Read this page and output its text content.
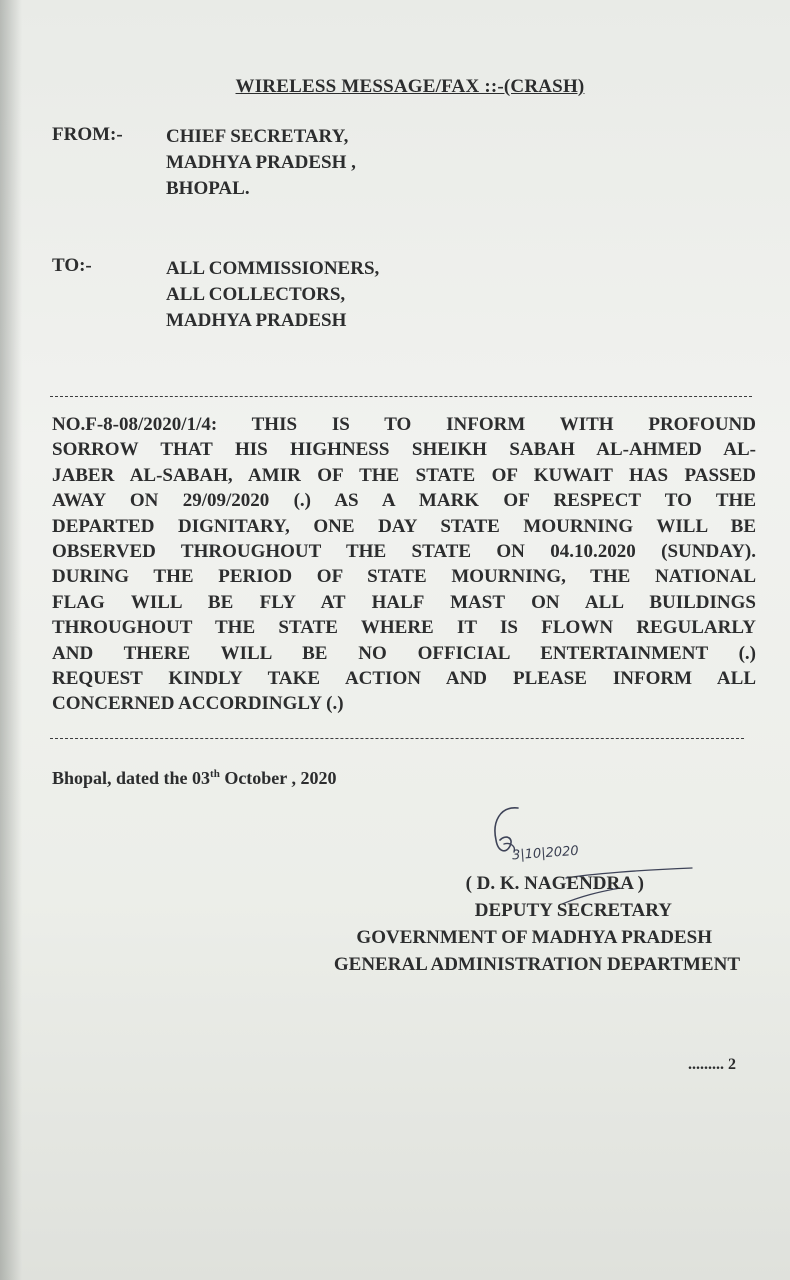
WIRELESS MESSAGE/FAX ::-(CRASH)
FROM:- CHIEF SECRETARY,
MADHYA PRADESH ,
BHOPAL.
TO:-	ALL COMMISSIONERS,
ALL COLLECTORS,
MADHYA PRADESH
NO.F-8-08/2020/1/4: THIS IS TO INFORM WITH PROFOUND
SORROW THAT HIS HIGHNESS SHEIKH SABAH AL-AHMED AL-
JABER AL-SABAH, AMIR OF THE STATE OF KUWAIT HAS PASSED
AWAY ON 29/09/2020 (.) AS A MARK OF RESPECT TO THE
DEPARTED DIGNITARY, ONE DAY STATE MOURNING WILL BE
OBSERVED THROUGHOUT THE STATE ON 04.10.2020 (SUNDAY).
DURING THE PERIOD OF STATE MOURNING, THE NATIONAL
FLAG WILL BE FLY AT HALF MAST ON ALL BUILDINGS
THROUGHOUT THE STATE WHERE IT IS FLOWN REGULARLY
AND THERE WILL BE NO OFFICIAL ENTERTAINMENT (.)
REQUEST KINDLY TAKE ACTION AND PLEASE INFORM ALL
CONCERNED ACCORDINGLY (.)
Bhopal, dated the 03th October , 2020
3|10|2020
( D. K. NAGENDRA )
DEPUTY SECRETARY
GOVERNMENT OF MADHYA PRADESH
GENERAL ADMINISTRATION DEPARTMENT
......... 2
